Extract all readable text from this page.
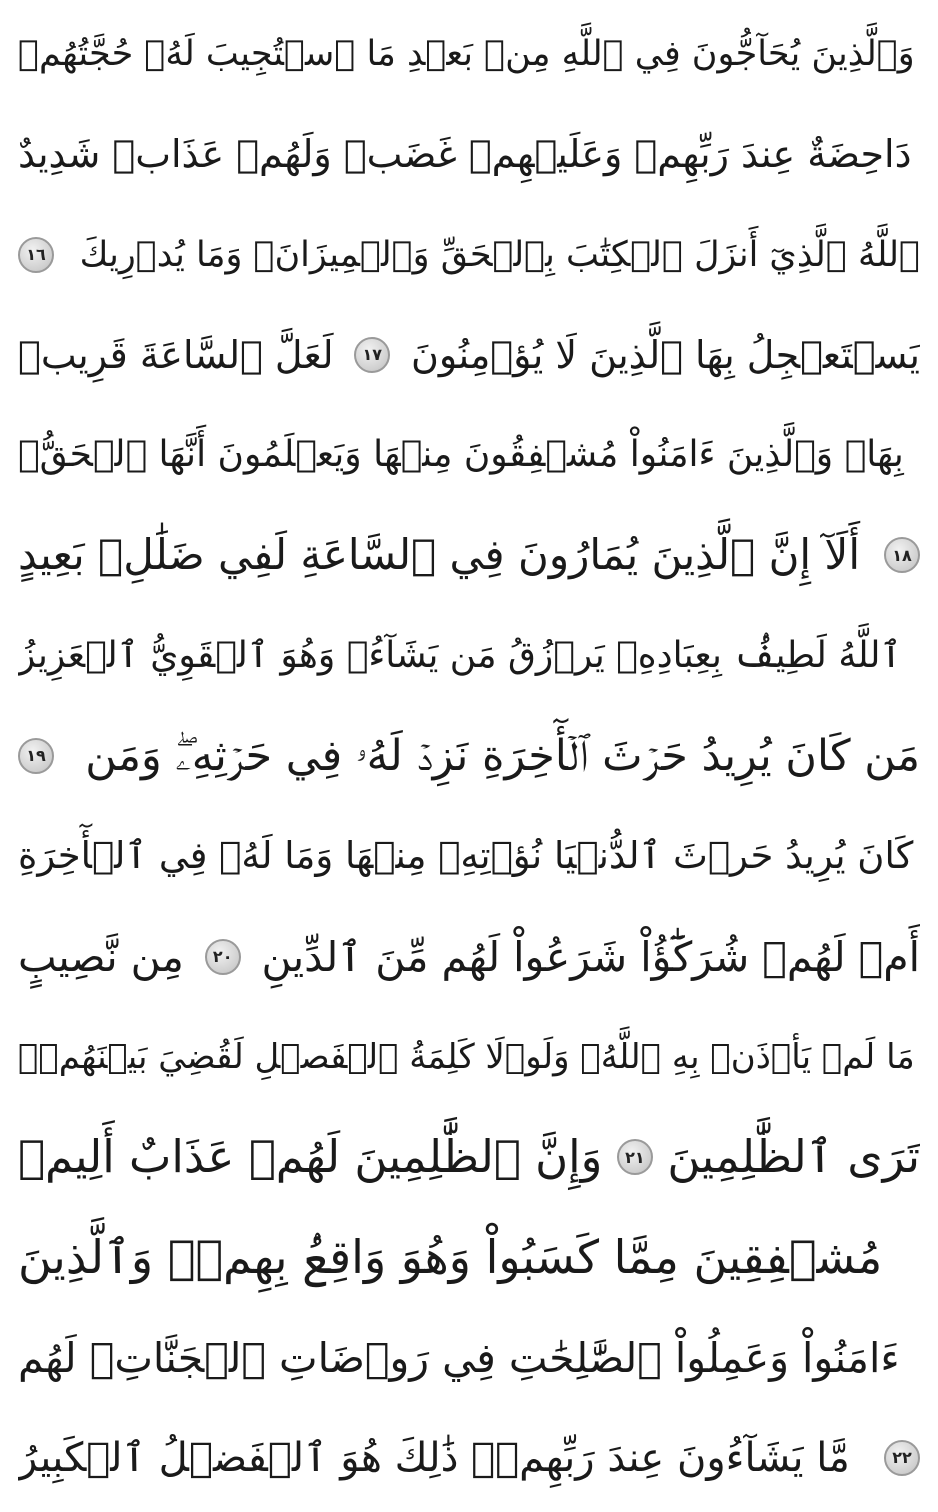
وَٱلَّذِينَ يُحَآجُّونَ فِي ٱللَّهِ مِنۢ بَعۡدِ مَا ٱسۡتُجِيبَ لَهُۥ حُجَّتُهُمۡ
دَاحِضَةٌ عِندَ رَبِّهِمۡ وَعَلَيۡهِمۡ غَضَبٞ وَلَهُمۡ عَذَابٞ شَدِيدٌ
١٦ ٱللَّهُ ٱلَّذِيٓ أَنزَلَ ٱلۡكِتَٰبَ بِٱلۡحَقِّ وَٱلۡمِيزَانَۗ وَمَا يُدۡرِيكَ
لَعَلَّ ٱلسَّاعَةَ قَرِيبٞ	١٧ يَسۡتَعۡجِلُ بِهَا ٱلَّذِينَ لَا يُؤۡمِنُونَ
بِهَاۖ وَٱلَّذِينَ ءَامَنُواْ مُشۡفِقُونَ مِنۡهَا وَيَعۡلَمُونَ أَنَّهَا ٱلۡحَقُّۗ
أَلَآ إِنَّ ٱلَّذِينَ يُمَارُونَ فِي ٱلسَّاعَةِ لَفِي ضَلَٰلِۢ بَعِيدٍ	١٨
ٱللَّهُ لَطِيفُۢ بِعِبَادِهِۦ يَرۡزُقُ مَن يَشَآءُۖ وَهُوَ ٱلۡقَوِيُّ ٱلۡعَزِيزُ
١٩ مَن كَانَ يُرِيدُ حَرۡثَ ٱلۡأٓخِرَةِ نَزِدۡ لَهُۥ فِي حَرۡثِهِۦۖ وَمَن
كَانَ يُرِيدُ حَرۡثَ ٱلدُّنۡيَا نُؤۡتِهِۦ مِنۡهَا وَمَا لَهُۥ فِي ٱلۡأٓخِرَةِ
مِن نَّصِيبٍ	٢٠ أَمۡ لَهُمۡ شُرَكَٰٓؤُاْ شَرَعُواْ لَهُم مِّنَ ٱلدِّينِ
مَا لَمۡ يَأۡذَنۢ بِهِ ٱللَّهُۚ وَلَوۡلَا كَلِمَةُ ٱلۡفَصۡلِ لَقُضِيَ بَيۡنَهُمۡۗ
وَإِنَّ ٱلظَّٰلِمِينَ لَهُمۡ عَذَابٌ أَلِيمٞ	٢١ تَرَى ٱلظَّٰلِمِينَ
مُشۡفِقِينَ مِمَّا كَسَبُواْ وَهُوَ وَاقِعُۢ بِهِمۡۗ وَٱلَّذِينَ
ءَامَنُواْ وَعَمِلُواْ ٱلصَّٰلِحَٰتِ فِي رَوۡضَاتِ ٱلۡجَنَّاتِۖ لَهُم
مَّا يَشَآءُونَ عِندَ رَبِّهِمۡۚ ذَٰلِكَ هُوَ ٱلۡفَضۡلُ ٱلۡكَبِيرُ	٢٢
